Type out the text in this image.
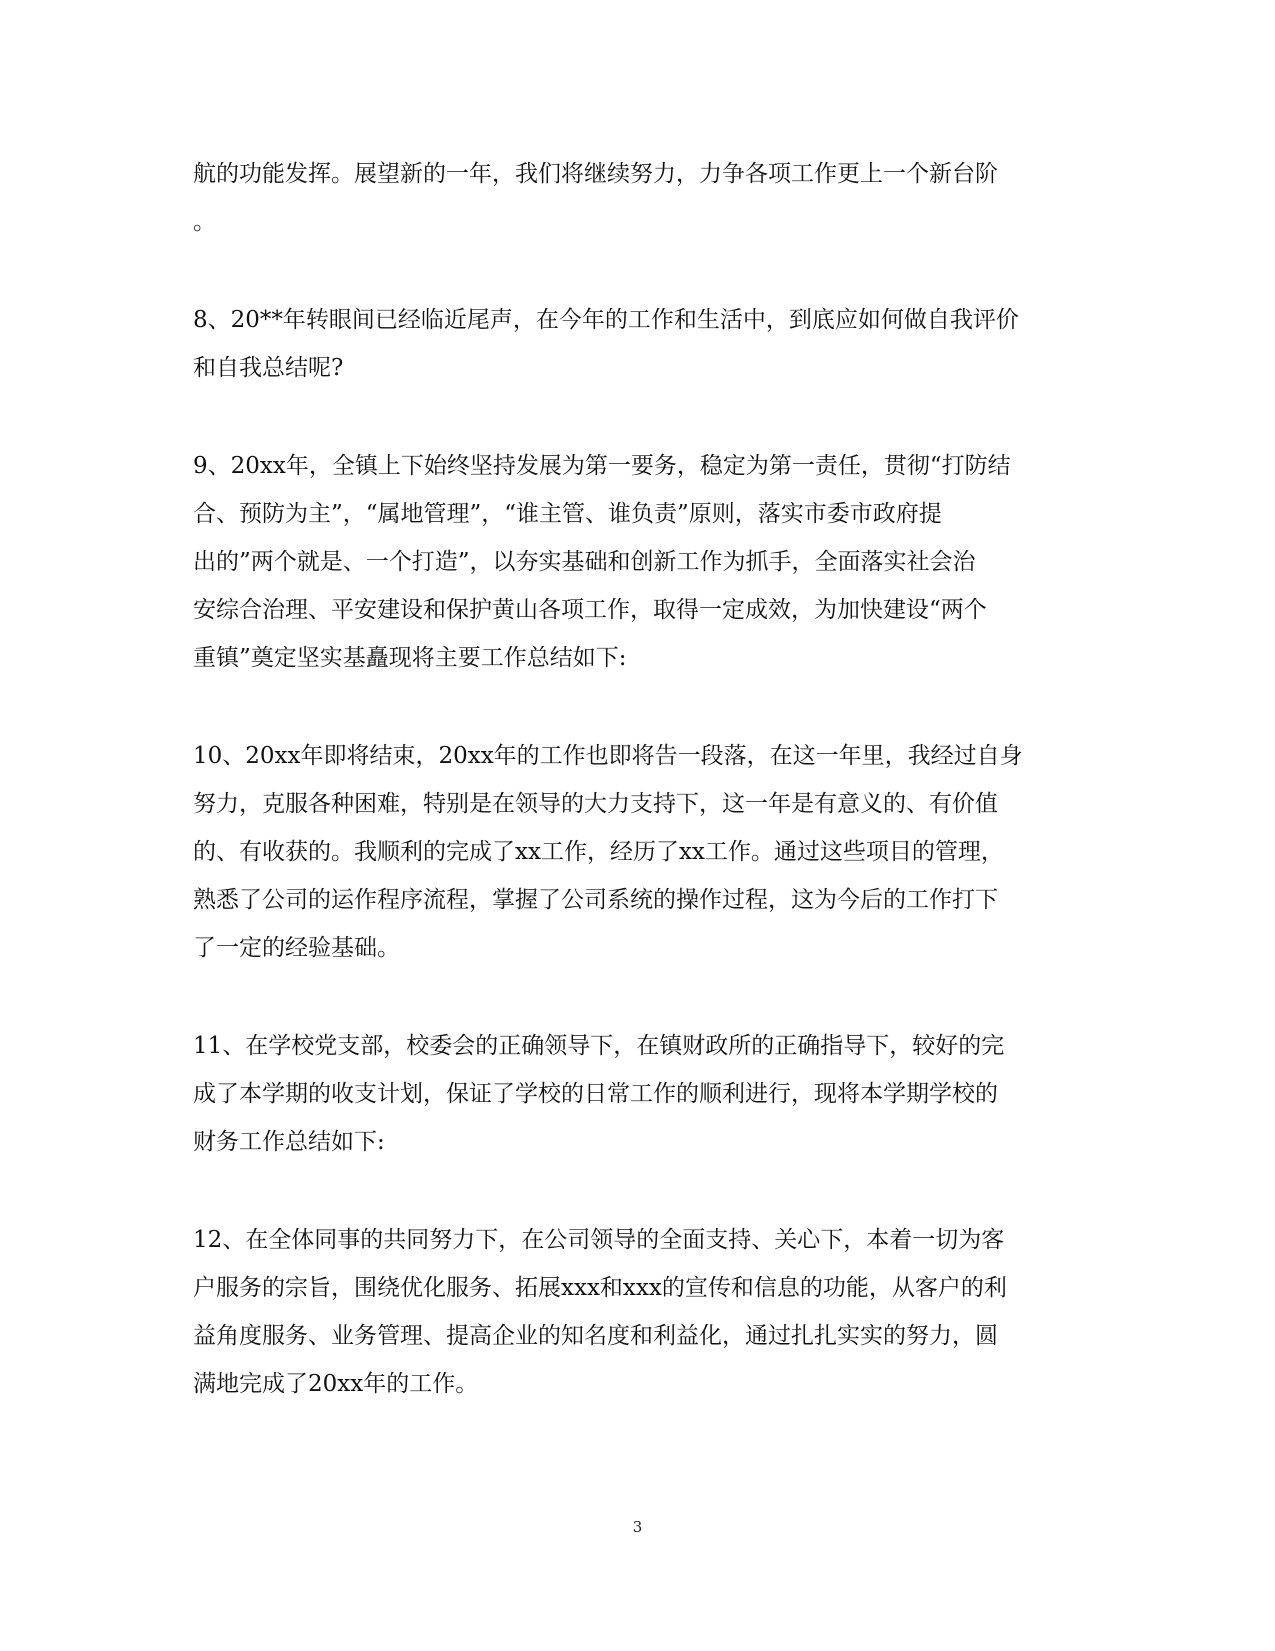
航的功能发挥。展望新的一年，我们将继续努力，力争各项工作更上一个新台阶
。

8、20**年转眼间已经临近尾声，在今年的工作和生活中，到底应如何做自我评价
和自我总结呢?

9、20xx年，全镇上下始终坚持发展为第一要务，稳定为第一责任，贯彻“打防结
合、预防为主”，“属地管理”，“谁主管、谁负责”原则，落实市委市政府提
出的”两个就是、一个打造”，以夯实基础和创新工作为抓手，全面落实社会治
安综合治理、平安建设和保护黄山各项工作，取得一定成效，为加快建设“两个
重镇”奠定坚实基矗现将主要工作总结如下:

10、20xx年即将结束，20xx年的工作也即将告一段落，在这一年里，我经过自身
努力，克服各种困难，特别是在领导的大力支持下，这一年是有意义的、有价值
的、有收获的。我顺利的完成了xx工作，经历了xx工作。通过这些项目的管理，
熟悉了公司的运作程序流程，掌握了公司系统的操作过程，这为今后的工作打下
了一定的经验基础。

11、在学校党支部，校委会的正确领导下，在镇财政所的正确指导下，较好的完
成了本学期的收支计划，保证了学校的日常工作的顺利进行，现将本学期学校的
财务工作总结如下:

12、在全体同事的共同努力下，在公司领导的全面支持、关心下，本着一切为客
户服务的宗旨，围绕优化服务、拓展xxx和xxx的宣传和信息的功能，从客户的利
益角度服务、业务管理、提高企业的知名度和利益化，通过扎扎实实的努力，圆
满地完成了20xx年的工作。

3
